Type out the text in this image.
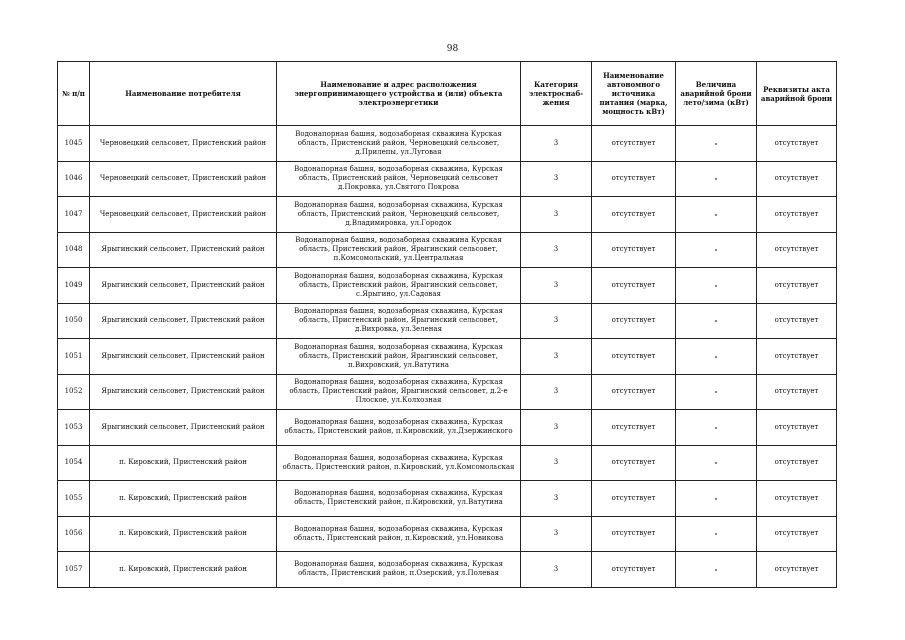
98
№ п/п	Наименование потребителя	Наименование и адрес расположения энергопринимающего устройства и (или) объекта электроэнергетики	Категория электроснаб-жения	Наименование автономного источника питания (марка, мощность кВт)	Величина аварийной брони лето/зима (кВт)	Реквизиты акта аварийной брони
1045	Черновецкий сельсовет, Пристенский район	Водонапорная башня, водозаборная скважина Курская область, Пристенский район, Черновецкий сельсовет, д.Прилепы, ул.Луговая	3	отсутствует	-	отсутствует
1046	Черновецкий сельсовет, Пристенский район	Водонапорная башня, водозаборная скважина, Курская область, Пристенский район, Черновецкий сельсовет д.Покровка, ул.Святого Покрова	3	отсутствует	-	отсутствует
1047	Черновецкий сельсовет, Пристенский район	Водонапорная башня, водозаборная скважина, Курская область, Пристенский район, Черновецкий сельсовет, д.Владимировка, ул.Городок	3	отсутствует	-	отсутствует
1048	Ярыгинский сельсовет, Пристенский район	Водонапорная башня, водозаборная скважина Курская область, Пристенский район, Ярыгинский сельсовет, п.Комсомольский, ул.Центральная	3	отсутствует	-	отсутствует
1049	Ярыгинский сельсовет, Пристенский район	Водонапорная башня, водозаборная скважина, Курская область, Пристенский район, Ярыгинский сельсовет, с.Ярыгино, ул.Садовая	3	отсутствует	-	отсутствует
1050	Ярыгинский сельсовет, Пристенский район	Водонапорная башня, водозаборная скважина, Курская область, Пристенский район, Ярыгинский сельсовет, д.Вихровка, ул.Зеленая	3	отсутствует	-	отсутствует
1051	Ярыгинский сельсовет, Пристенский район	Водонапорная башня, водозаборная скважина, Курская область, Пристенский район, Ярыгинский сельсовет, п.Вихровский, ул.Ватутина	3	отсутствует	-	отсутствует
1052	Ярыгинский сельсовет, Пристенский район	Водонапорная башня, водозаборная скважина, Курская область, Пристенский район, Ярыгинский сельсовет, д.2-е Плоское, ул.Колхозная	3	отсутствует	-	отсутствует
1053	Ярыгинский сельсовет, Пристенский район	Водонапорная башня, водозаборная скважина, Курская область, Пристенский район, п.Кировский, ул.Дзержинского	3	отсутствует	-	отсутствует
1054	п. Кировский, Пристенский район	Водонапорная башня, водозаборная скважина, Курская область, Пристенский район, п.Кировский, ул.Комсомольская	3	отсутствует	-	отсутствует
1055	п. Кировский, Пристенский район	Водонапорная башня, водозаборная скважина, Курская область, Пристенский район, п.Кировский, ул.Ватутина	3	отсутствует	-	отсутствует
1056	п. Кировский, Пристенский район	Водонапорная башня, водозаборная скважина, Курская область, Пристенский район, п.Кировский, ул.Новикова	3	отсутствует	-	отсутствует
1057	п. Кировский, Пристенский район	Водонапорная башня, водозаборная скважина, Курская область, Пристенский район, п.Озерский, ул.Полевая	3	отсутствует	-	отсутствует
